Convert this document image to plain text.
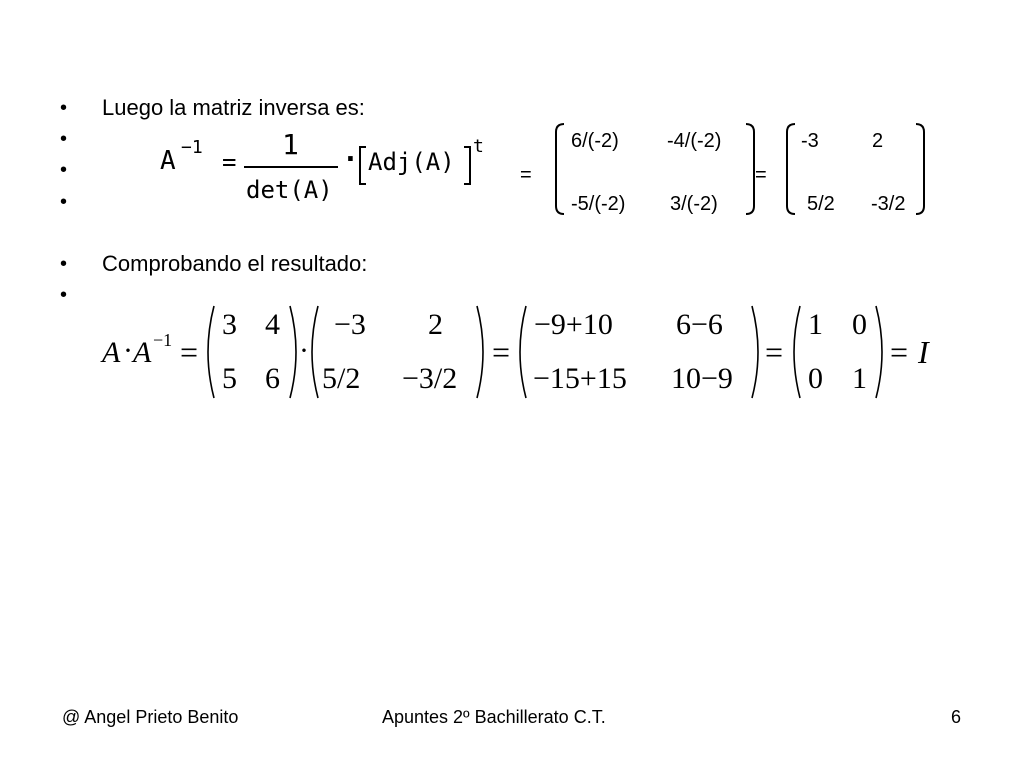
•
•
•
•
•
•
Luego la matriz inversa es:
Comprobando el resultado:
A −1
=
1
det(A)
· Adj(A)
t
=
6/(-2) -4/(-2)
-5/(-2) 3/(-2)
=
-3	2
5/2 -3/2
A · A −1 =
3 4
5 6
·
−3 2
5/2 −3/2
=
−9+10 6−6
−15+15 10−9
=
1 0
0 1
= I
@ Angel Prieto Benito	Apuntes 2º Bachillerato C.T.	6
